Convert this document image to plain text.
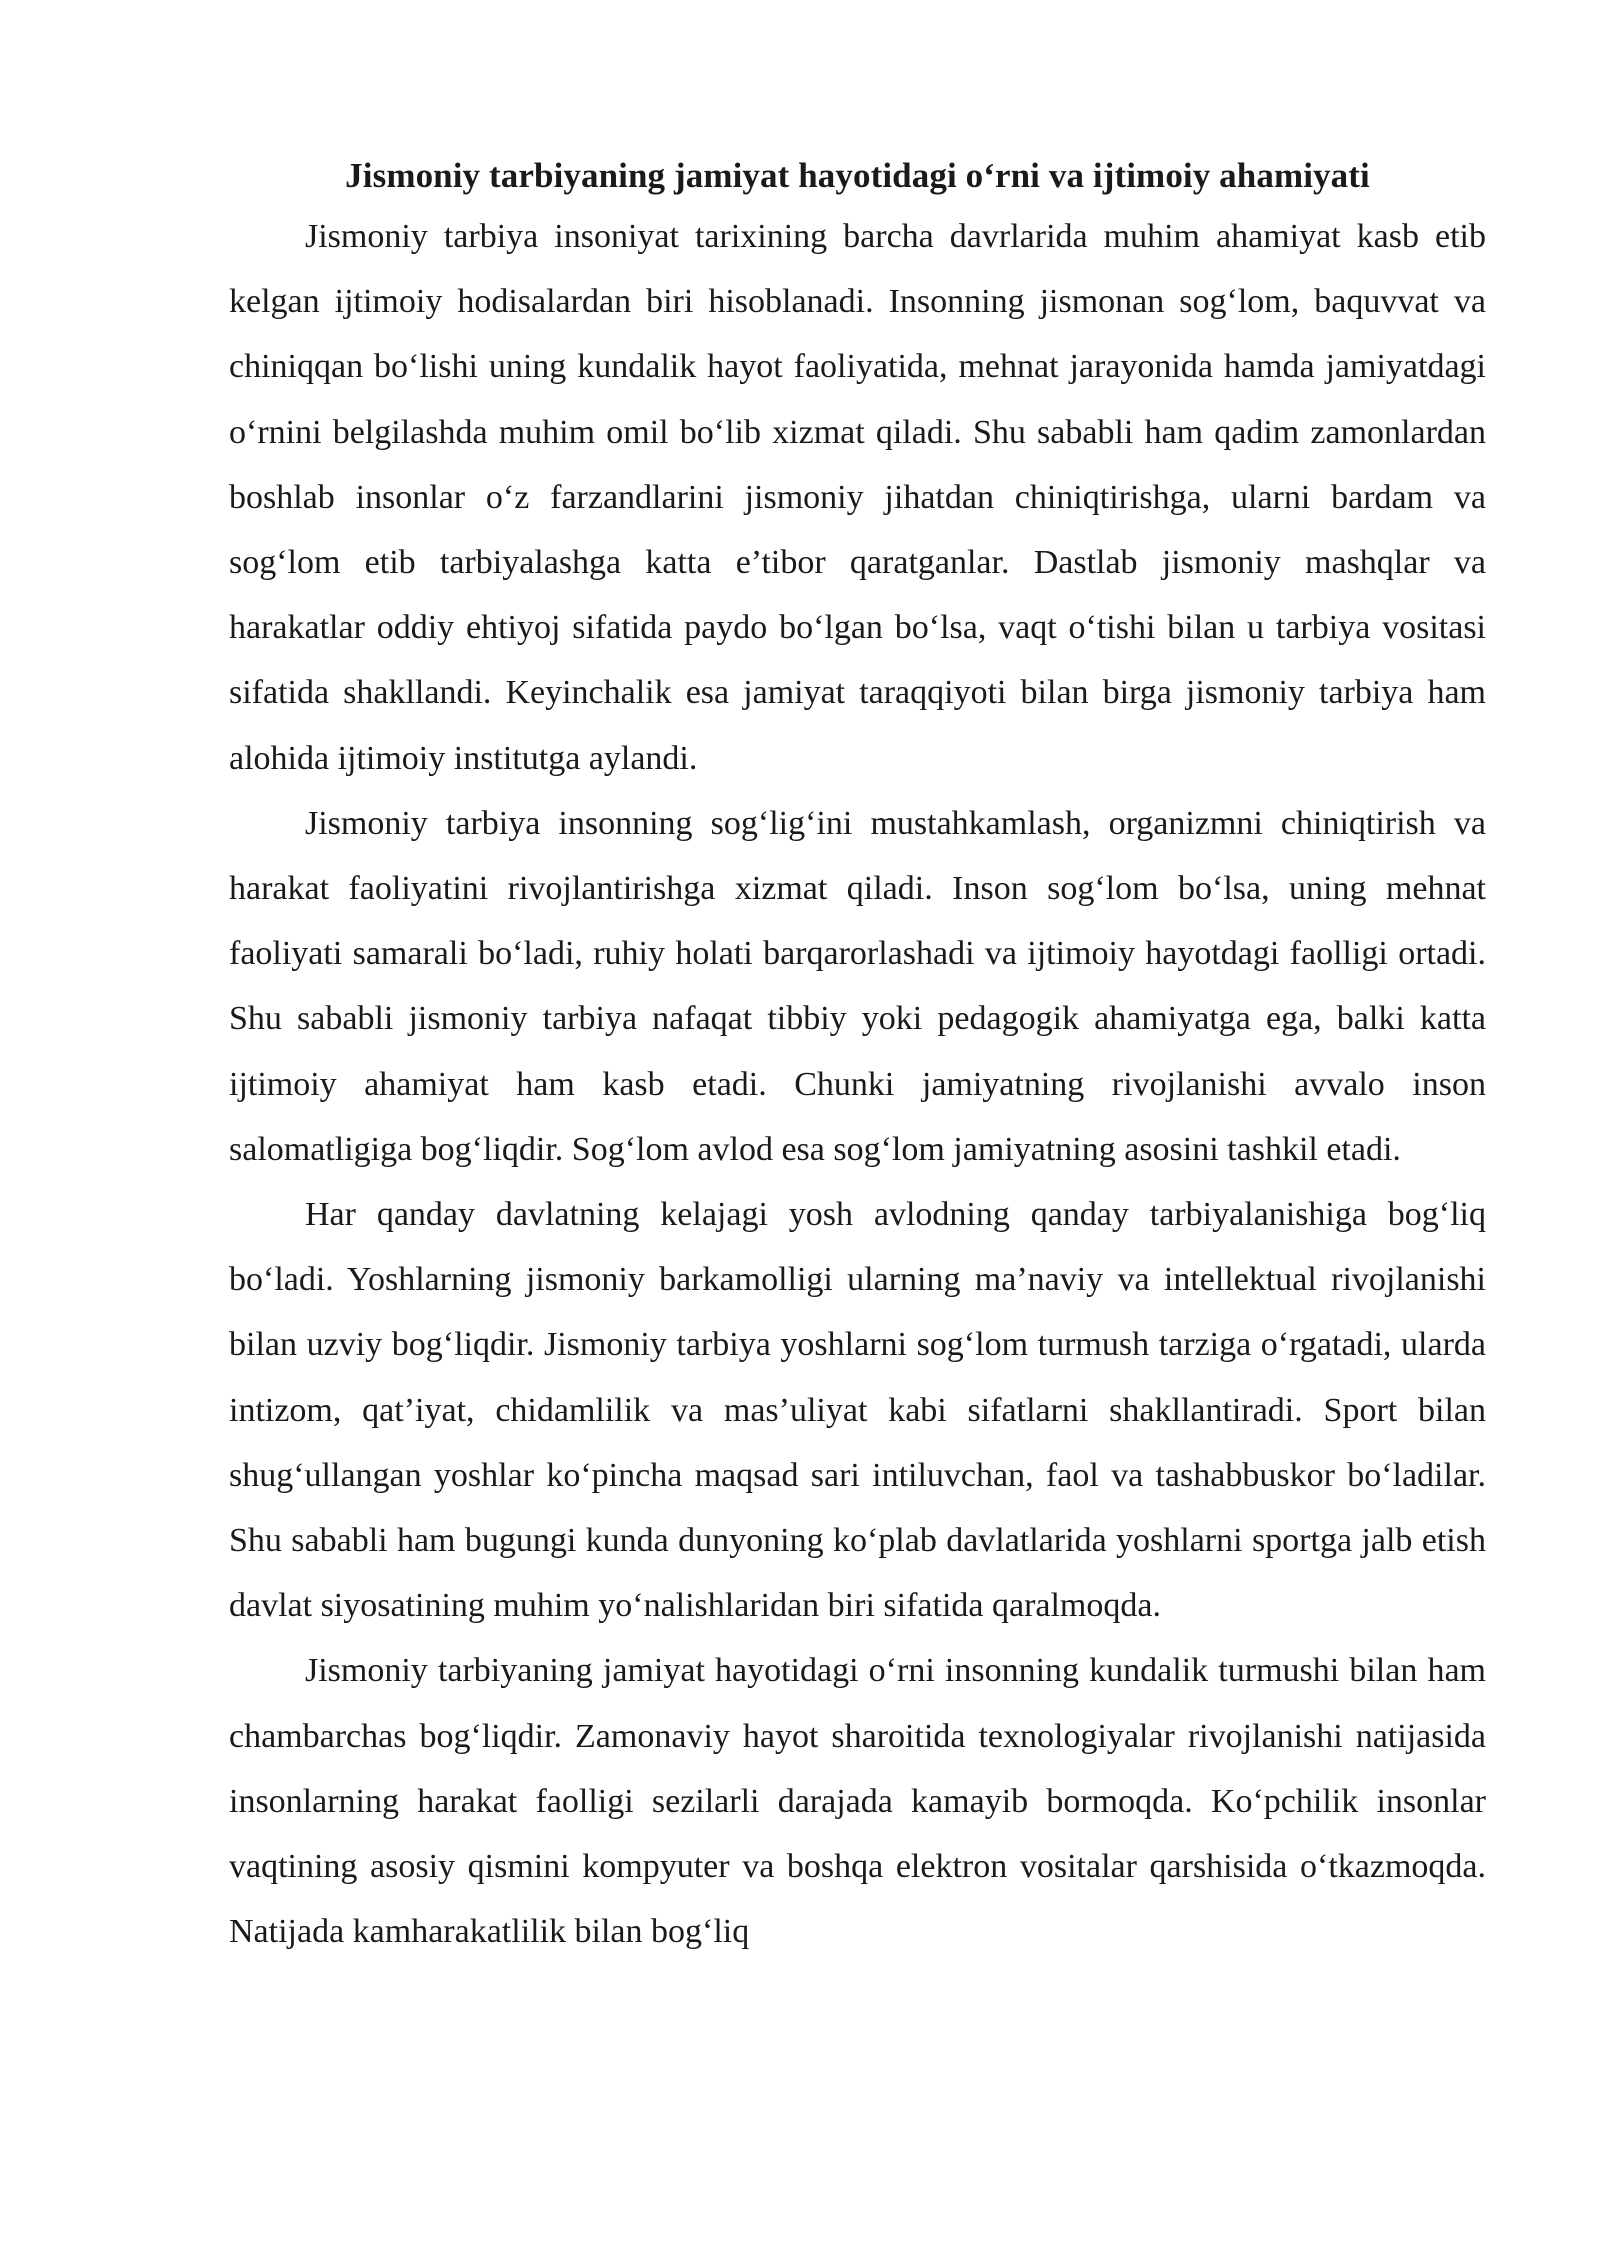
Jismoniy tarbiyaning jamiyat hayotidagi o‘rni va ijtimoiy ahamiyati

Jismoniy tarbiya insoniyat tarixining barcha davrlarida muhim ahamiyat kasb etib kelgan ijtimoiy hodisalardan biri hisoblanadi. Insonning jismonan sog‘lom, baquvvat va chiniqqan bo‘lishi uning kundalik hayot faoliyatida, mehnat jarayonida hamda jamiyatdagi o‘rnini belgilashda muhim omil bo‘lib xizmat qiladi. Shu sababli ham qadim zamonlardan boshlab insonlar o‘z farzandlarini jismoniy jihatdan chiniqtirishga, ularni bardam va sog‘lom etib tarbiyalashga katta e’tibor qaratganlar. Dastlab jismoniy mashqlar va harakatlar oddiy ehtiyoj sifatida paydo bo‘lgan bo‘lsa, vaqt o‘tishi bilan u tarbiya vositasi sifatida shakllandi. Keyinchalik esa jamiyat taraqqiyoti bilan birga jismoniy tarbiya ham alohida ijtimoiy institutga aylandi.

Jismoniy tarbiya insonning sog‘lig‘ini mustahkamlash, organizmni chiniqtirish va harakat faoliyatini rivojlantirishga xizmat qiladi. Inson sog‘lom bo‘lsa, uning mehnat faoliyati samarali bo‘ladi, ruhiy holati barqarorlashadi va ijtimoiy hayotdagi faolligi ortadi. Shu sababli jismoniy tarbiya nafaqat tibbiy yoki pedagogik ahamiyatga ega, balki katta ijtimoiy ahamiyat ham kasb etadi. Chunki jamiyatning rivojlanishi avvalo inson salomatligiga bog‘liqdir. Sog‘lom avlod esa sog‘lom jamiyatning asosini tashkil etadi.

Har qanday davlatning kelajagi yosh avlodning qanday tarbiyalanishiga bog‘liq bo‘ladi. Yoshlarning jismoniy barkamolligi ularning ma’naviy va intellektual rivojlanishi bilan uzviy bog‘liqdir. Jismoniy tarbiya yoshlarni sog‘lom turmush tarziga o‘rgatadi, ularda intizom, qat’iyat, chidamlilik va mas’uliyat kabi sifatlarni shakllantiradi. Sport bilan shug‘ullangan yoshlar ko‘pincha maqsad sari intiluvchan, faol va tashabbuskor bo‘ladilar. Shu sababli ham bugungi kunda dunyoning ko‘plab davlatlarida yoshlarni sportga jalb etish davlat siyosatining muhim yo‘nalishlaridan biri sifatida qaralmoqda.

Jismoniy tarbiyaning jamiyat hayotidagi o‘rni insonning kundalik turmushi bilan ham chambarchas bog‘liqdir. Zamonaviy hayot sharoitida texnologiyalar rivojlanishi natijasida insonlarning harakat faolligi sezilarli darajada kamayib bormoqda. Ko‘pchilik insonlar vaqtining asosiy qismini kompyuter va boshqa elektron vositalar qarshisida o‘tkazmoqda. Natijada kamharakatlilik bilan bog‘liq
